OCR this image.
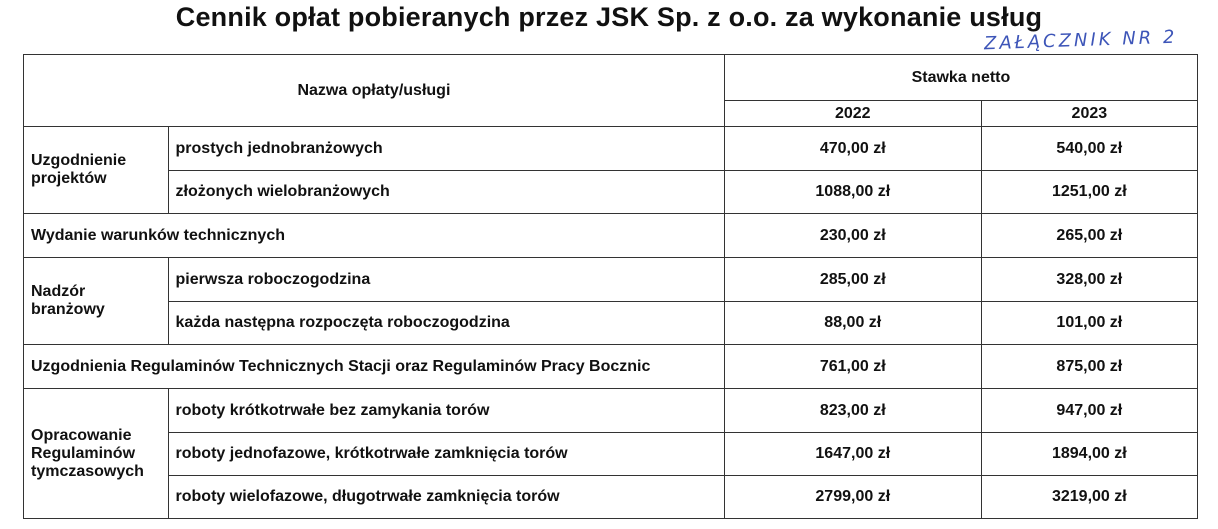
Cennik opłat pobieranych przez JSK Sp. z o.o. za wykonanie usług
ZAŁĄCZNIK NR 2
Nazwa opłaty/usługi		Stawka netto	
		2022	2023
Uzgodnienie projektów	prostych jednobranżowych	470,00 zł	540,00 zł
	złożonych wielobranżowych	1088,00 zł	1251,00 zł
Wydanie warunków technicznych		230,00 zł	265,00 zł
Nadzór branżowy	pierwsza roboczogodzina	285,00 zł	328,00 zł
	każda następna rozpoczęta roboczogodzina	88,00 zł	101,00 zł
Uzgodnienia Regulaminów Technicznych Stacji oraz Regulaminów Pracy Bocznic		761,00 zł	875,00 zł
Opracowanie Regulaminów tymczasowych	roboty krótkotrwałe bez zamykania torów	823,00 zł	947,00 zł
	roboty jednofazowe, krótkotrwałe zamknięcia torów	1647,00 zł	1894,00 zł
	roboty wielofazowe, długotrwałe zamknięcia torów	2799,00 zł	3219,00 zł
